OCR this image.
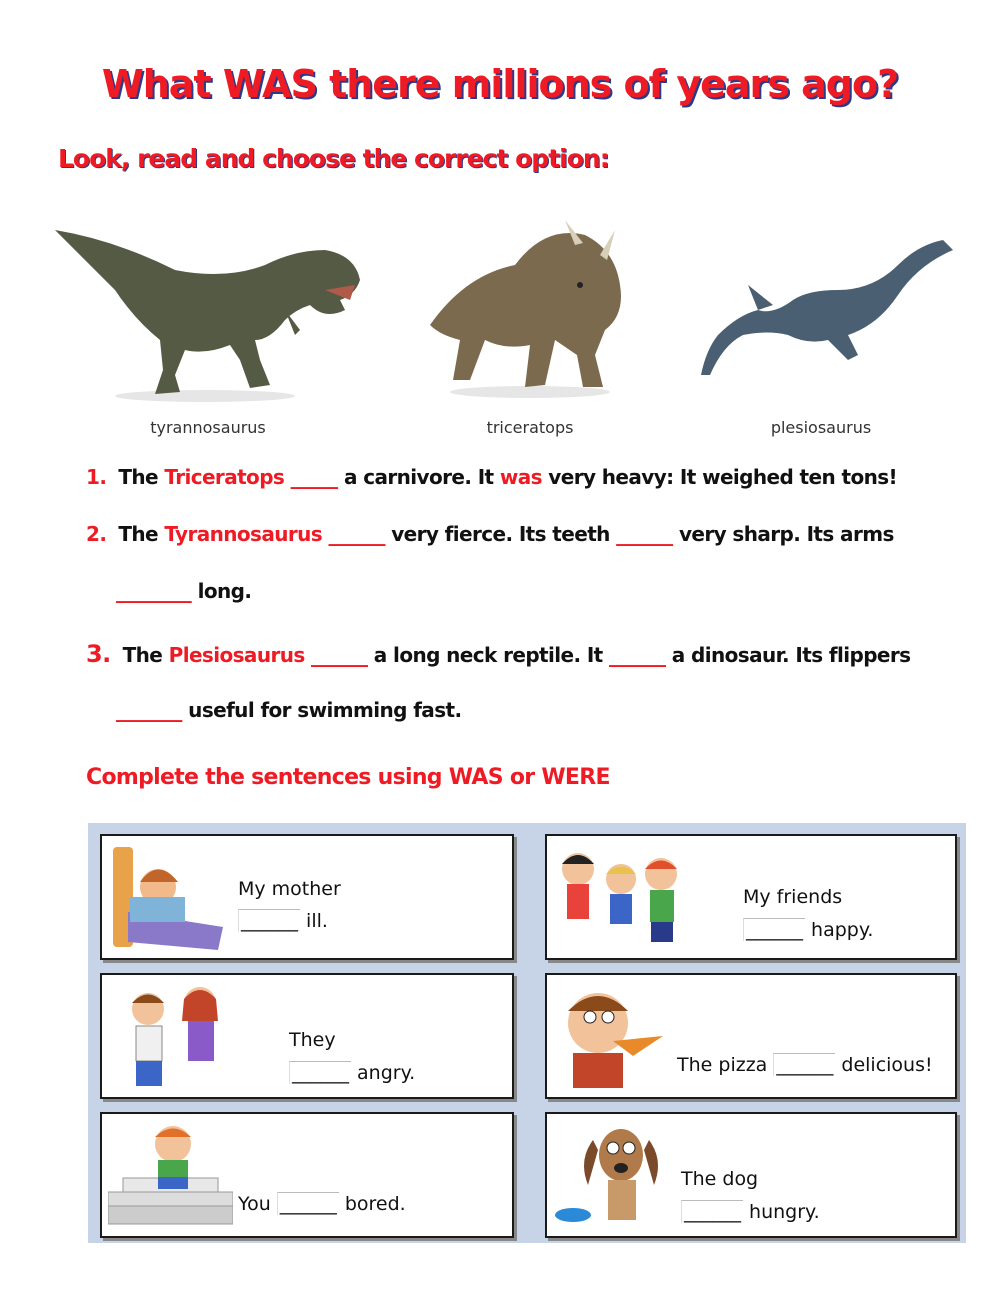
What WAS there millions of years ago?
Look, read and choose the correct option:
tyrannosaurus	triceratops	plesiosaurus
1. The Triceratops _____ a carnivore. It was very heavy: It weighed ten tons!
2. The Tyrannosaurus ______ very fierce. Its teeth ______ very sharp. Its arms
________ long.
3. The Plesiosaurus ______ a long neck reptile. It ______ a dinosaur. Its flippers
_______ useful for swimming fast.
Complete the sentences using WAS or WERE
My mother
______ ill.
My friends
______ happy.
They
______ angry.	The pizza ______ delicious!
You ______ bored.
The dog
______ hungry.
